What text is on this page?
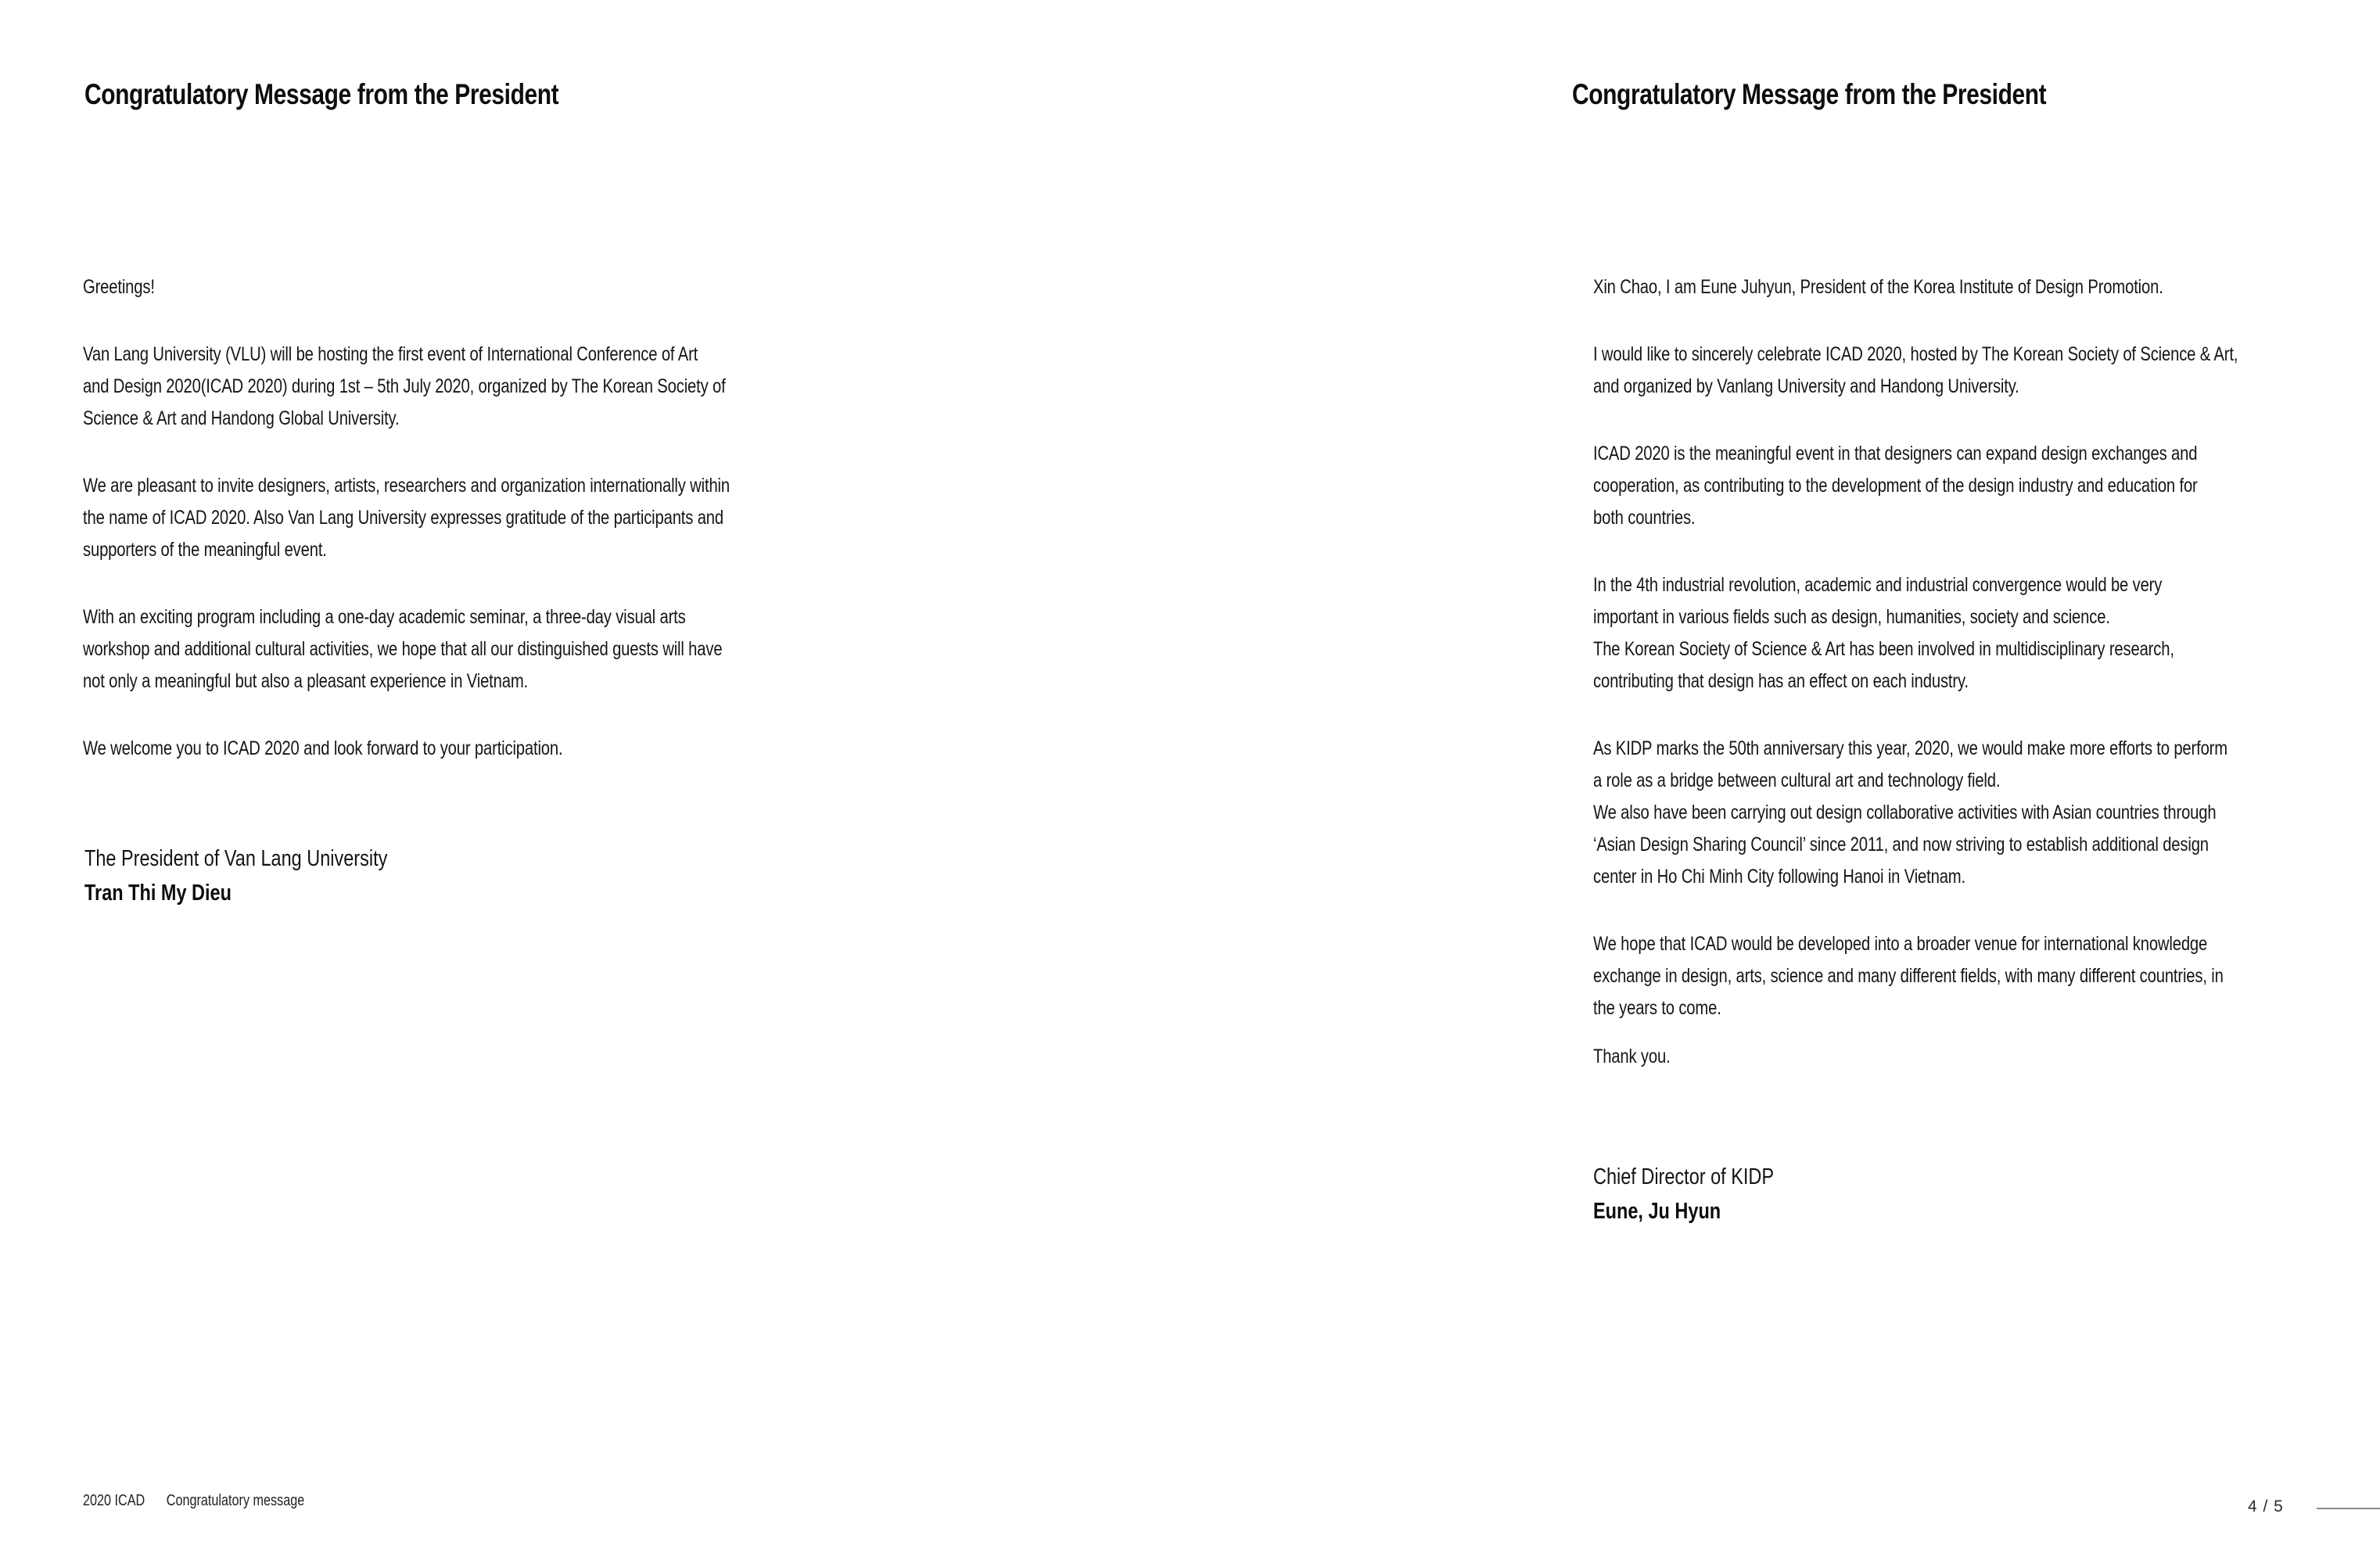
Congratulatory Message from the President

Greetings!

Van Lang University (VLU) will be hosting the first event of International Conference of Art
and Design 2020(ICAD 2020) during 1st – 5th July 2020, organized by The Korean Society of
Science & Art and Handong Global University.

We are pleasant to invite designers, artists, researchers and organization internationally within
the name of ICAD 2020. Also Van Lang University expresses gratitude of the participants and
supporters of the meaningful event.

With an exciting program including a one-day academic seminar, a three-day visual arts
workshop and additional cultural activities, we hope that all our distinguished guests will have
not only a meaningful but also a pleasant experience in Vietnam.

We welcome you to ICAD 2020 and look forward to your participation.

The President of Van Lang University
Tran Thi My Dieu
Congratulatory Message from the President

Xin Chao, I am Eune Juhyun, President of the Korea Institute of Design Promotion.

I would like to sincerely celebrate ICAD 2020, hosted by The Korean Society of Science & Art,
and organized by Vanlang University and Handong University.

ICAD 2020 is the meaningful event in that designers can expand design exchanges and
cooperation, as contributing to the development of the design industry and education for
both countries.

In the 4th industrial revolution, academic and industrial convergence would be very
important in various fields such as design, humanities, society and science.
The Korean Society of Science & Art has been involved in multidisciplinary research,
contributing that design has an effect on each industry.

As KIDP marks the 50th anniversary this year, 2020, we would make more efforts to perform
a role as a bridge between cultural art and technology field.
We also have been carrying out design collaborative activities with Asian countries through
‘Asian Design Sharing Council’ since 2011, and now striving to establish additional design
center in Ho Chi Minh City following Hanoi in Vietnam.

We hope that ICAD would be developed into a broader venue for international knowledge
exchange in design, arts, science and many different fields, with many different countries, in
the years to come.

Thank you.

Chief Director of KIDP
Eune, Ju Hyun
2020 ICAD Congratulatory message	4 / 5
